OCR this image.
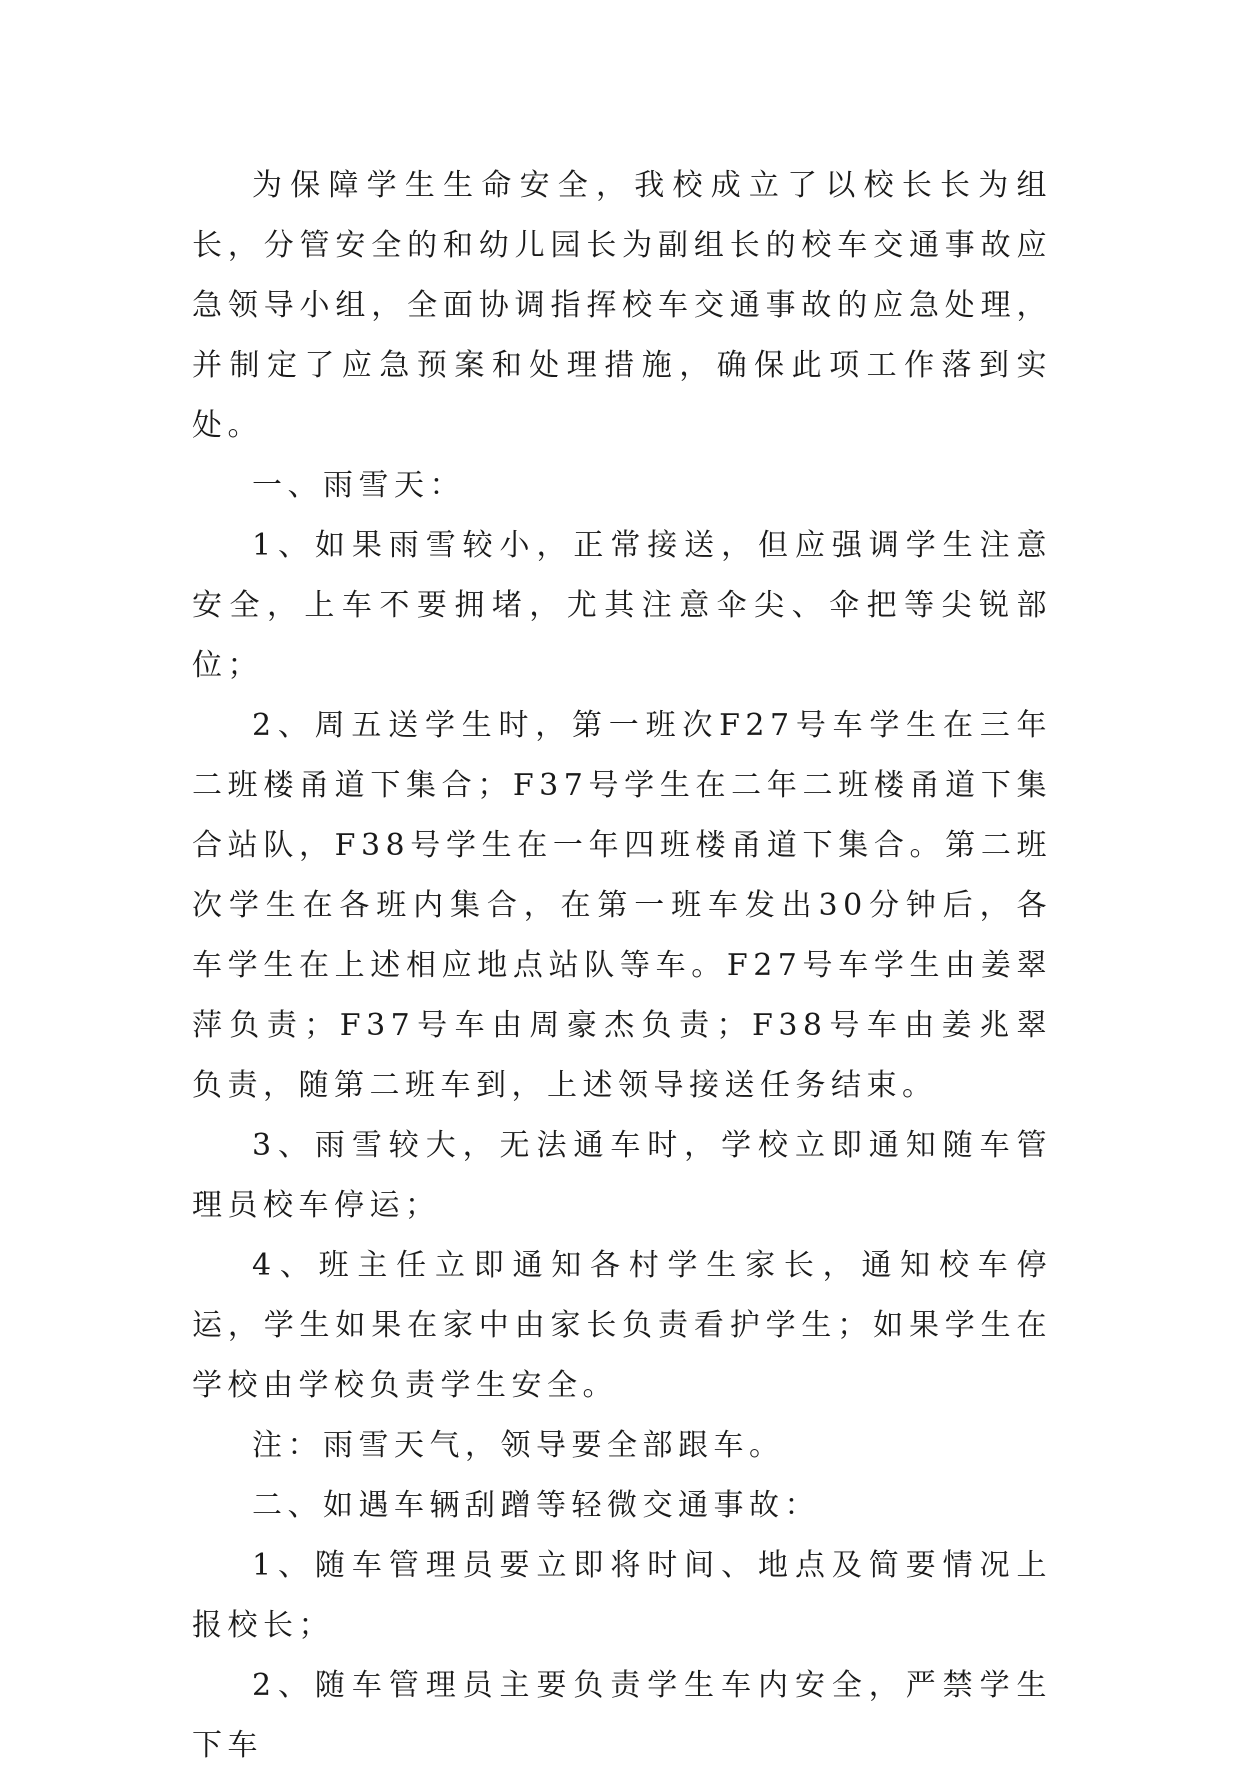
为保障学生生命安全，我校成立了以校长长为组长，分管安全的和幼儿园长为副组长的校车交通事故应急领导小组，全面协调指挥校车交通事故的应急处理，并制定了应急预案和处理措施，确保此项工作落到实处。

一、雨雪天：

1、如果雨雪较小，正常接送，但应强调学生注意安全，上车不要拥堵，尤其注意伞尖、伞把等尖锐部位；

2、周五送学生时，第一班次F27号车学生在三年二班楼甬道下集合；F37号学生在二年二班楼甬道下集合站队，F38号学生在一年四班楼甬道下集合。第二班次学生在各班内集合，在第一班车发出30分钟后，各车学生在上述相应地点站队等车。F27号车学生由姜翠萍负责；F37号车由周豪杰负责；F38号车由姜兆翠负责，随第二班车到，上述领导接送任务结束。

3、雨雪较大，无法通车时，学校立即通知随车管理员校车停运；

4、班主任立即通知各村学生家长，通知校车停运，学生如果在家中由家长负责看护学生；如果学生在学校由学校负责学生安全。

注：雨雪天气，领导要全部跟车。

二、如遇车辆刮蹭等轻微交通事故：

1、随车管理员要立即将时间、地点及简要情况上报校长；

2、随车管理员主要负责学生车内安全，严禁学生下车
